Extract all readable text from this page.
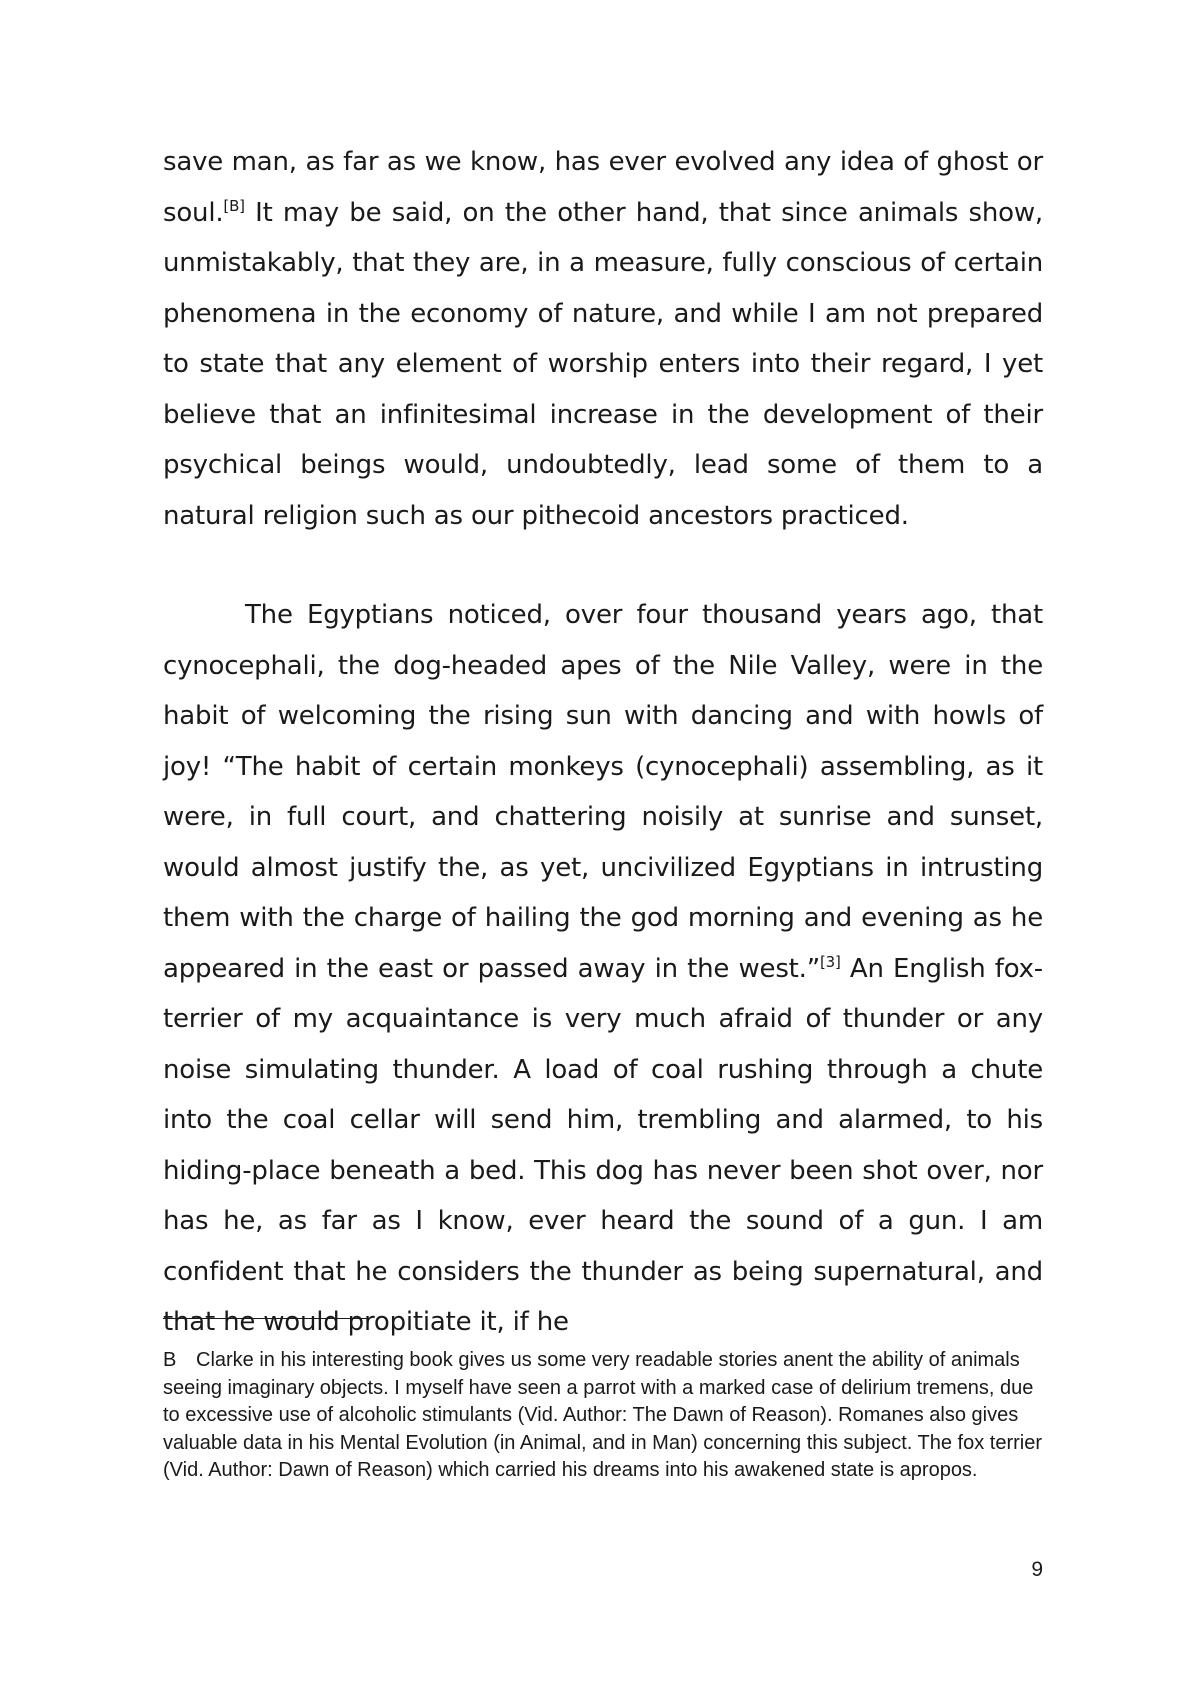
save man, as far as we know, has ever evolved any idea of ghost or soul.[B] It may be said, on the other hand, that since animals show, unmistakably, that they are, in a measure, fully conscious of certain phenomena in the economy of nature, and while I am not prepared to state that any element of worship enters into their regard, I yet believe that an infinitesimal increase in the development of their psychical beings would, undoubtedly, lead some of them to a natural religion such as our pithecoid ancestors practiced.

The Egyptians noticed, over four thousand years ago, that cynocephali, the dog-headed apes of the Nile Valley, were in the habit of welcoming the rising sun with dancing and with howls of joy! “The habit of certain monkeys (cynocephali) assembling, as it were, in full court, and chattering noisily at sunrise and sunset, would almost justify the, as yet, uncivilized Egyptians in intrusting them with the charge of hailing the god morning and evening as he appeared in the east or passed away in the west.”[3] An English fox-terrier of my acquaintance is very much afraid of thunder or any noise simulating thunder. A load of coal rushing through a chute into the coal cellar will send him, trembling and alarmed, to his hiding-place beneath a bed. This dog has never been shot over, nor has he, as far as I know, ever heard the sound of a gun. I am confident that he considers the thunder as being supernatural, and that he would propitiate it, if he

B Clarke in his interesting book gives us some very readable stories anent the ability of animals seeing imaginary objects. I myself have seen a parrot with a marked case of delirium tremens, due to excessive use of alcoholic stimulants (Vid. Author: The Dawn of Reason). Romanes also gives valuable data in his Mental Evolution (in Animal, and in Man) concerning this subject. The fox terrier (Vid. Author: Dawn of Reason) which carried his dreams into his awakened state is apropos.

9
